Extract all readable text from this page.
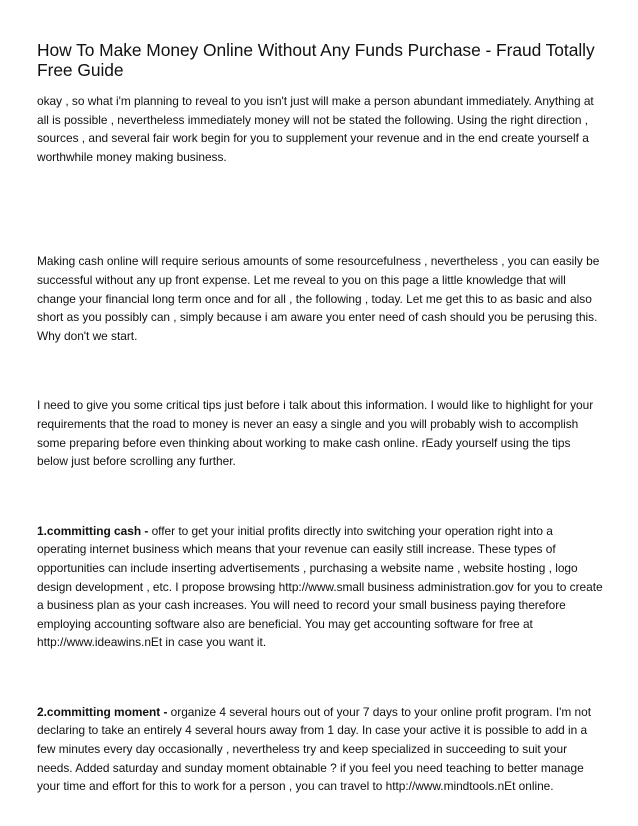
How To Make Money Online Without Any Funds Purchase - Fraud Totally Free Guide

okay , so what i'm planning to reveal to you isn't just will make a person abundant immediately. Anything at all is possible , nevertheless immediately money will not be stated the following. Using the right direction , sources , and several fair work begin for you to supplement your revenue and in the end create yourself a worthwhile money making business.

Making cash online will require serious amounts of some resourcefulness , nevertheless , you can easily be successful without any up front expense. Let me reveal to you on this page a little knowledge that will change your financial long term once and for all , the following , today. Let me get this to as basic and also short as you possibly can , simply because i am aware you enter need of cash should you be perusing this. Why don't we start.

I need to give you some critical tips just before i talk about this information. I would like to highlight for your requirements that the road to money is never an easy a single and you will probably wish to accomplish some preparing before even thinking about working to make cash online. rEady yourself using the tips below just before scrolling any further.

1.committing cash - offer to get your initial profits directly into switching your operation right into a operating internet business which means that your revenue can easily still increase. These types of opportunities can include inserting advertisements , purchasing a website name , website hosting , logo design development , etc. I propose browsing http://www.small business administration.gov for you to create a business plan as your cash increases. You will need to record your small business paying therefore employing accounting software also are beneficial. You may get accounting software for free at http://www.ideawins.nEt in case you want it.

2.committing moment - organize 4 several hours out of your 7 days to your online profit program. I'm not declaring to take an entirely 4 several hours away from 1 day. In case your active it is possible to add in a few minutes every day occasionally , nevertheless try and keep specialized in succeeding to suit your needs. Added saturday and sunday moment obtainable ? if you feel you need teaching to better manage your time and effort for this to work for a person , you can travel to http://www.mindtools.nEt online.
